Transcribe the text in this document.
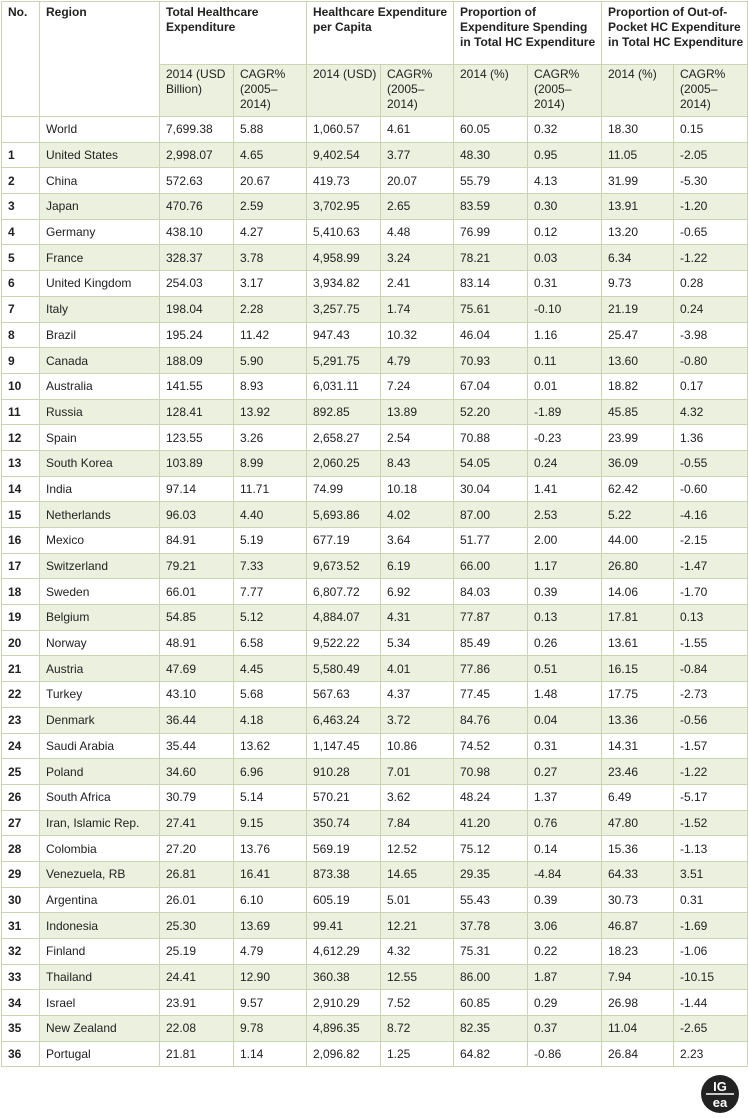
No.	Region	Total Healthcare Expenditure		Healthcare Expenditure per Capita		Proportion of Expenditure Spending in Total HC Expenditure		Proportion of Out-of-Pocket HC Expenditure in Total HC Expenditure	
		2014 (USD Billion)	CAGR% (2005–2014)	2014 (USD)	CAGR% (2005–2014)	2014 (%)	CAGR% (2005–2014)	2014 (%)	CAGR% (2005–2014)
	World	7,699.38	5.88	1,060.57	4.61	60.05	0.32	18.30	0.15
1	United States	2,998.07	4.65	9,402.54	3.77	48.30	0.95	11.05	-2.05
2	China	572.63	20.67	419.73	20.07	55.79	4.13	31.99	-5.30
3	Japan	470.76	2.59	3,702.95	2.65	83.59	0.30	13.91	-1.20
4	Germany	438.10	4.27	5,410.63	4.48	76.99	0.12	13.20	-0.65
5	France	328.37	3.78	4,958.99	3.24	78.21	0.03	6.34	-1.22
6	United Kingdom	254.03	3.17	3,934.82	2.41	83.14	0.31	9.73	0.28
7	Italy	198.04	2.28	3,257.75	1.74	75.61	-0.10	21.19	0.24
8	Brazil	195.24	11.42	947.43	10.32	46.04	1.16	25.47	-3.98
9	Canada	188.09	5.90	5,291.75	4.79	70.93	0.11	13.60	-0.80
10	Australia	141.55	8.93	6,031.11	7.24	67.04	0.01	18.82	0.17
11	Russia	128.41	13.92	892.85	13.89	52.20	-1.89	45.85	4.32
12	Spain	123.55	3.26	2,658.27	2.54	70.88	-0.23	23.99	1.36
13	South Korea	103.89	8.99	2,060.25	8.43	54.05	0.24	36.09	-0.55
14	India	97.14	11.71	74.99	10.18	30.04	1.41	62.42	-0.60
15	Netherlands	96.03	4.40	5,693.86	4.02	87.00	2.53	5.22	-4.16
16	Mexico	84.91	5.19	677.19	3.64	51.77	2.00	44.00	-2.15
17	Switzerland	79.21	7.33	9,673.52	6.19	66.00	1.17	26.80	-1.47
18	Sweden	66.01	7.77	6,807.72	6.92	84.03	0.39	14.06	-1.70
19	Belgium	54.85	5.12	4,884.07	4.31	77.87	0.13	17.81	0.13
20	Norway	48.91	6.58	9,522.22	5.34	85.49	0.26	13.61	-1.55
21	Austria	47.69	4.45	5,580.49	4.01	77.86	0.51	16.15	-0.84
22	Turkey	43.10	5.68	567.63	4.37	77.45	1.48	17.75	-2.73
23	Denmark	36.44	4.18	6,463.24	3.72	84.76	0.04	13.36	-0.56
24	Saudi Arabia	35.44	13.62	1,147.45	10.86	74.52	0.31	14.31	-1.57
25	Poland	34.60	6.96	910.28	7.01	70.98	0.27	23.46	-1.22
26	South Africa	30.79	5.14	570.21	3.62	48.24	1.37	6.49	-5.17
27	Iran, Islamic Rep.	27.41	9.15	350.74	7.84	41.20	0.76	47.80	-1.52
28	Colombia	27.20	13.76	569.19	12.52	75.12	0.14	15.36	-1.13
29	Venezuela, RB	26.81	16.41	873.38	14.65	29.35	-4.84	64.33	3.51
30	Argentina	26.01	6.10	605.19	5.01	55.43	0.39	30.73	0.31
31	Indonesia	25.30	13.69	99.41	12.21	37.78	3.06	46.87	-1.69
32	Finland	25.19	4.79	4,612.29	4.32	75.31	0.22	18.23	-1.06
33	Thailand	24.41	12.90	360.38	12.55	86.00	1.87	7.94	-10.15
34	Israel	23.91	9.57	2,910.29	7.52	60.85	0.29	26.98	-1.44
35	New Zealand	22.08	9.78	4,896.35	8.72	82.35	0.37	11.04	-2.65
36	Portugal	21.81	1.14	2,096.82	1.25	64.82	-0.86	26.84	2.23
IG
ea
